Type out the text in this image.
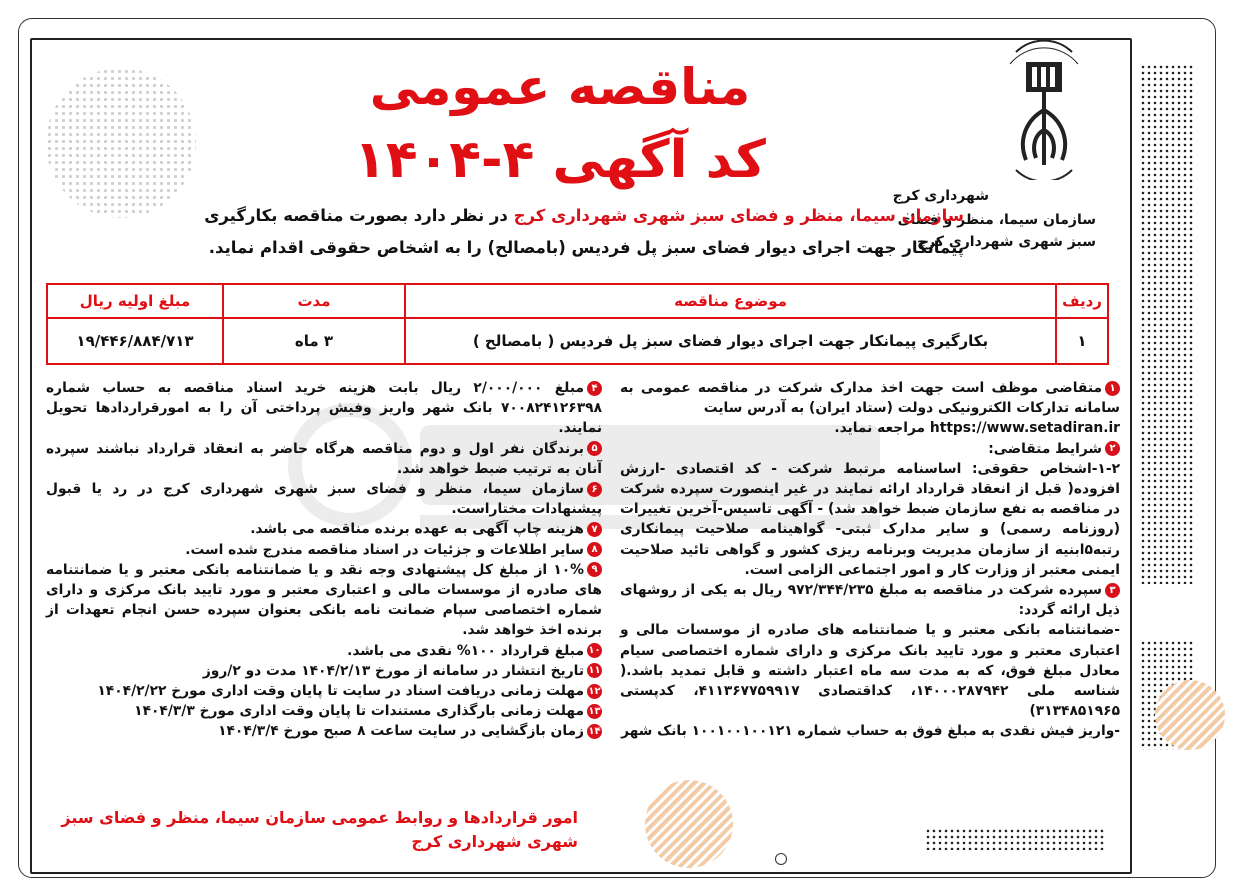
شهرداری کرج
سازمان سیما، منظر و فضای
سبز شهری شهرداری کرج
مناقصه عمومی
کد آگهی ۴-۱۴۰۴
سازمان سیما، منظر و فضای سبز شهری شهرداری کرج در نظر دارد بصورت مناقصه بکارگیری
پیمانکار جهت اجرای دیوار فضای سبز پل فردیس (بامصالح) را به اشخاص حقوقی اقدام نماید.
ردیف	موضوع مناقصه	مدت	مبلغ اولیه ریال
۱	بکارگیری پیمانکار جهت اجرای دیوار فضای سبز پل فردیس ( بامصالح )	۳ ماه	۱۹/۴۴۶/۸۸۴/۷۱۳

۱متقاضی موظف است جهت اخذ مدارک شرکت در مناقصه عمومی به سامانه تدارکات الکترونیکی دولت (ستاد ایران) به آدرس سایت

https://www.setadiran.ir مراجعه نماید.

۲شرایط متقاضی:

۱-۲-اشخاص حقوقی: اساسنامه مرتبط شرکت - کد اقتصادی -ارزش افزوده( قبل از انعقاد قرارداد ارائه نمایند در غیر اینصورت سپرده شرکت در مناقصه به نفع سازمان ضبط خواهد شد) - آگهی تاسیس-آخرین تغییرات (روزنامه رسمی) و سایر مدارک ثبتی- گواهینامه صلاحیت پیمانکاری رتبه۵ابنیه از سازمان مدیریت وبرنامه ریزی کشور و گواهی تائید صلاحیت ایمنی معتبر از وزارت کار و امور اجتماعی الزامی است.

۳سپرده شرکت در مناقصه به مبلغ ۹۷۲/۳۴۴/۲۳۵ ریال به یکی از روشهای ذیل ارائه گردد:

-ضمانتنامه بانکی معتبر و یا ضمانتنامه های صادره از موسسات مالی و اعتباری معتبر و مورد تایید بانک مرکزی و دارای شماره اختصاصی سیام معادل مبلغ فوق، که به مدت سه ماه اعتبار داشته و قابل تمدید باشد.( شناسه ملی ۱۴۰۰۰۲۸۷۹۴۲، کداقتصادی ۴۱۱۳۶۷۷۵۹۹۱۷، کدپستی ۳۱۳۴۸۵۱۹۶۵)

-واریز فیش نقدی به مبلغ فوق به حساب شماره ۱۰۰۱۰۰۱۰۰۱۲۱ بانک شهر

۴مبلغ ۲/۰۰۰/۰۰۰ ریال بابت هزینه خرید اسناد مناقصه به حساب شماره ۷۰۰۸۲۴۱۲۶۳۹۸ بانک شهر واریز وفیش پرداختی آن را به امورقراردادها تحویل نمایند.

۵برندگان نفر اول و دوم مناقصه هرگاه حاضر به انعقاد قرارداد نباشند سپرده آنان به ترتیب ضبط خواهد شد.

۶سازمان سیما، منظر و فضای سبز شهری شهرداری کرج در رد یا قبول پیشنهادات مختاراست.

۷هزینه چاپ آگهی به عهده برنده مناقصه می باشد.

۸سایر اطلاعات و جزئیات در اسناد مناقصه مندرج شده است.

۹۱۰% از مبلغ کل پیشنهادی وجه نقد و یا ضمانتنامه بانکی معتبر و یا ضمانتنامه های صادره از موسسات مالی و اعتباری معتبر و مورد تایید بانک مرکزی و دارای شماره اختصاصی سپام ضمانت نامه بانکی بعنوان سپرده حسن انجام تعهدات از برنده اخذ خواهد شد.

۱۰مبلغ قرارداد ۱۰۰% نقدی می باشد.

۱۱تاریخ انتشار در سامانه از مورخ ۱۴۰۴/۲/۱۳ مدت دو ۲/روز

۱۲مهلت زمانی دریافت اسناد در سایت تا پایان وقت اداری مورخ ۱۴۰۴/۲/۲۲

۱۳مهلت زمانی بارگذاری مستندات تا پایان وقت اداری مورخ ۱۴۰۴/۳/۳

۱۴زمان بازگشایی در سایت ساعت ۸ صبح مورخ ۱۴۰۴/۳/۴

امور قراردادها و روابط عمومی سازمان سیما، منظر و فضای سبز
شهری شهرداری کرج
